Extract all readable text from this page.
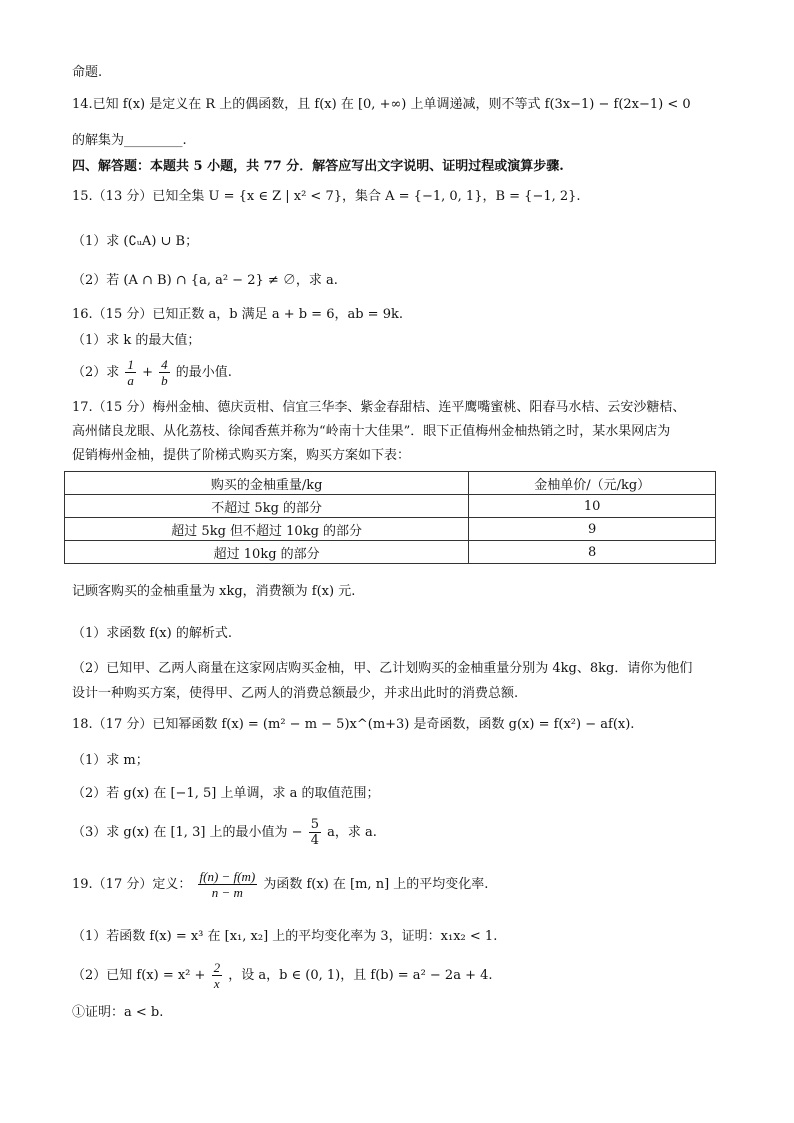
命题.
14.已知 f(x) 是定义在 R 上的偶函数，且 f(x) 在 [0, +∞) 上单调递减，则不等式 f(3x−1) − f(2x−1) < 0
的解集为_________.
四、解答题：本题共 5 小题，共 77 分．解答应写出文字说明、证明过程或演算步骤.
15.（13 分）已知全集 U = {x ∈ Z | x² < 7}，集合 A = {−1, 0, 1}，B = {−1, 2}.
（1）求 (∁ᵤA) ∪ B；
（2）若 (A ∩ B) ∩ {a, a² − 2} ≠ ∅，求 a.
16.（15 分）已知正数 a，b 满足 a + b = 6，ab = 9k.
（1）求 k 的最大值；
（2）求 $\frac{1}{a} + \frac{4}{b}$ 的最小值.
17.（15 分）梅州金柚、德庆贡柑、信宜三华李、紫金春甜桔、连平鹰嘴蜜桃、阳春马水桔、云安沙糖桔、
高州储良龙眼、从化荔枝、徐闻香蕉并称为“岭南十大佳果”．眼下正值梅州金柚热销之时，某水果网店为
促销梅州金柚，提供了阶梯式购买方案，购买方案如下表：
购买的金柚重量/kg	金柚单价/（元/kg）
不超过 5kg 的部分	10
超过 5kg 但不超过 10kg 的部分	9
超过 10kg 的部分	8
记顾客购买的金柚重量为 xkg，消费额为 f(x) 元.
（1）求函数 f(x) 的解析式.
（2）已知甲、乙两人商量在这家网店购买金柚，甲、乙计划购买的金柚重量分别为 4kg、8kg．请你为他们
设计一种购买方案，使得甲、乙两人的消费总额最少，并求出此时的消费总额.
18.（17 分）已知幂函数 f(x) = (m² − m − 5)x^(m+3) 是奇函数，函数 g(x) = f(x²) − af(x).
（1）求 m；
（2）若 g(x) 在 [−1, 5] 上单调，求 a 的取值范围；
（3）求 g(x) 在 [1, 3] 上的最小值为 − $\frac{5}{4}$ a，求 a.
19.（17 分）定义： $\frac{f(n) - f(m)}{n - m}$ 为函数 f(x) 在 [m, n] 上的平均变化率.
（1）若函数 f(x) = x³ 在 [x₁, x₂] 上的平均变化率为 3，证明：x₁x₂ < 1.
（2）已知 $f(x) = x^2 + \frac{2}{x}$ ，设 a，b ∈ (0, 1)，且 f(b) = a² − 2a + 4.
①证明：a < b.
